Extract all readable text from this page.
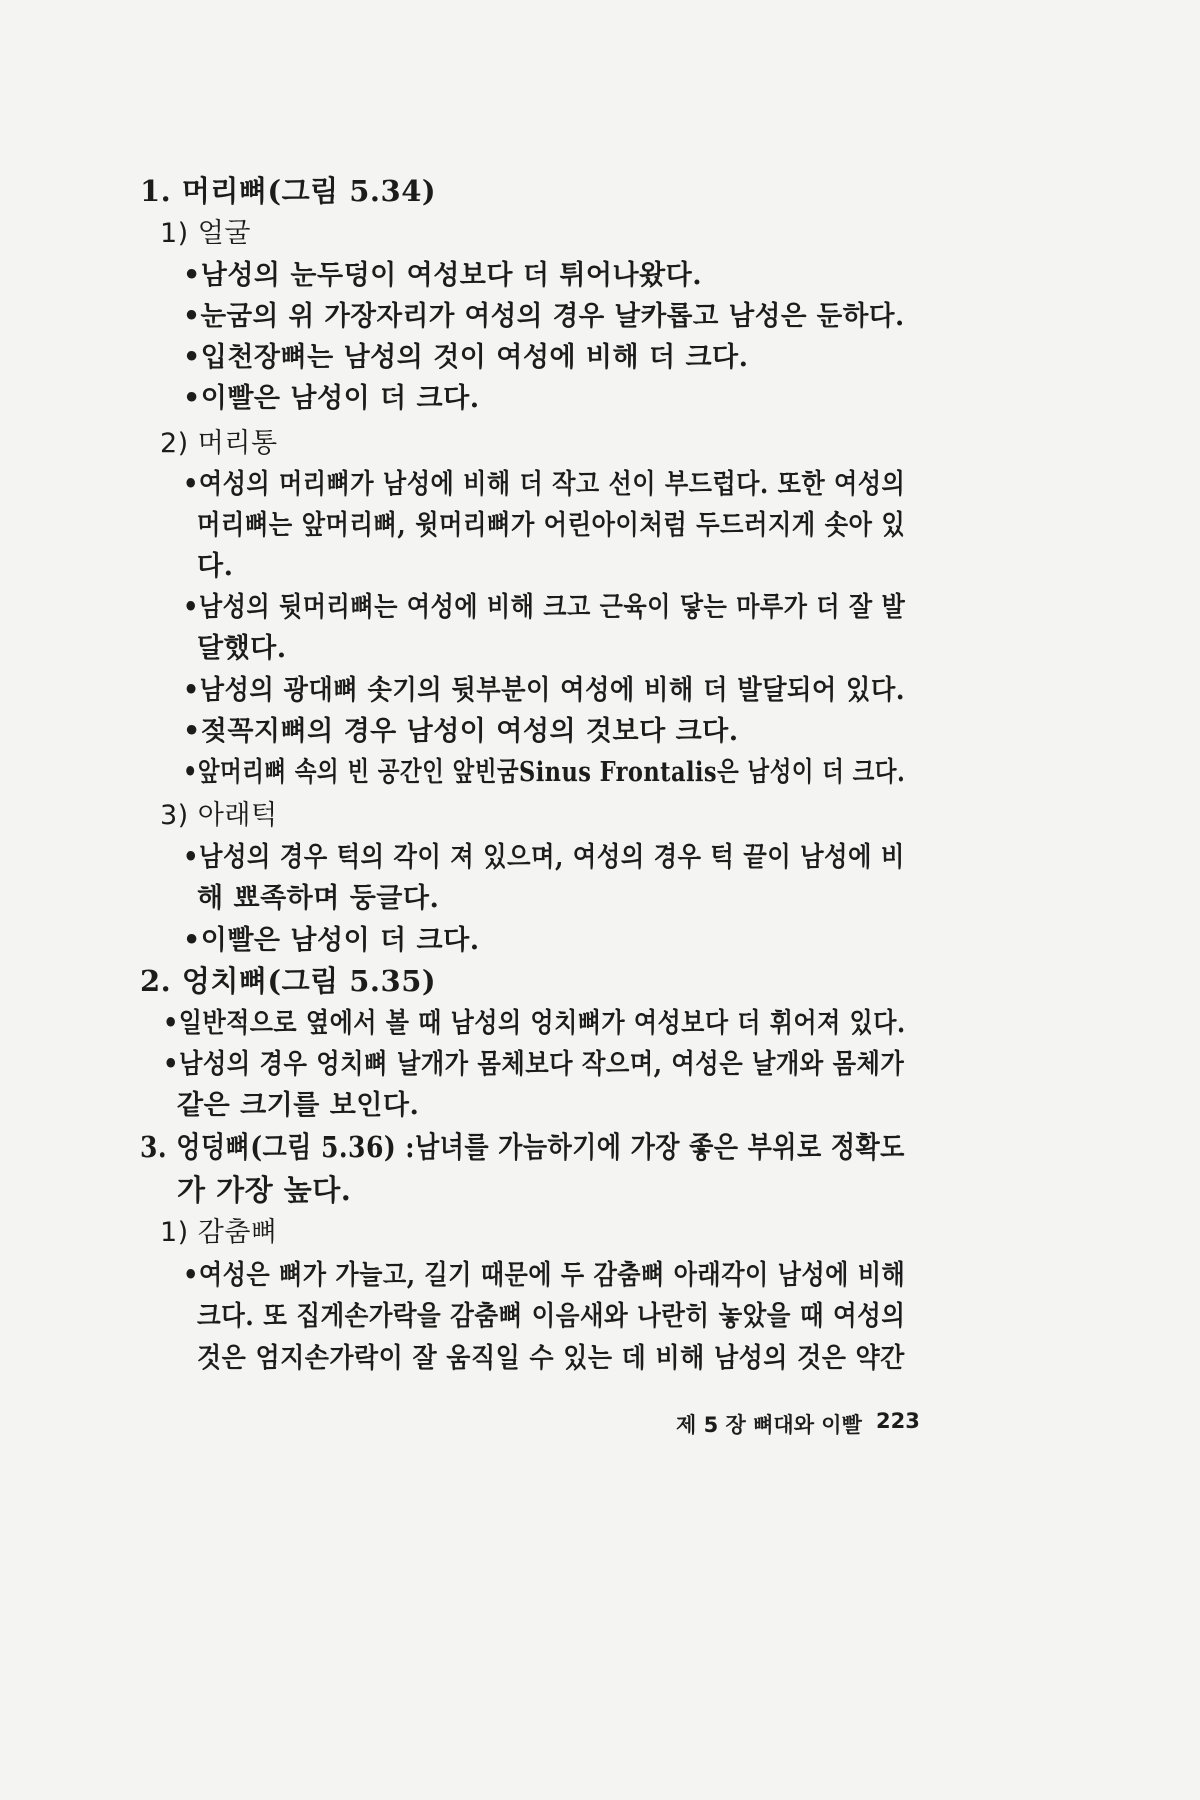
1. 머리뼈(그림 5.34)
1) 얼굴
•남성의 눈두덩이 여성보다 더 튀어나왔다.
•눈굼의 위 가장자리가 여성의 경우 날카롭고 남성은 둔하다.
•입천장뼈는 남성의 것이 여성에 비해 더 크다.
•이빨은 남성이 더 크다.
2) 머리통
•여성의 머리뼈가 남성에 비해 더 작고 선이 부드럽다. 또한 여성의
머리뼈는 앞머리뼈, 윗머리뼈가 어린아이처럼 두드러지게 솟아 있
다.
•남성의 뒷머리뼈는 여성에 비해 크고 근육이 닿는 마루가 더 잘 발
달했다.
•남성의 광대뼈 솟기의 뒷부분이 여성에 비해 더 발달되어 있다.
•젖꼭지뼈의 경우 남성이 여성의 것보다 크다.
•앞머리뼈 속의 빈 공간인 앞빈굼Sinus Frontalis은 남성이 더 크다.
3) 아래턱
•남성의 경우 턱의 각이 져 있으며, 여성의 경우 턱 끝이 남성에 비
해 뾰족하며 둥글다.
•이빨은 남성이 더 크다.
2. 엉치뼈(그림 5.35)
•일반적으로 옆에서 볼 때 남성의 엉치뼈가 여성보다 더 휘어져 있다.
•남성의 경우 엉치뼈 날개가 몸체보다 작으며, 여성은 날개와 몸체가
같은 크기를 보인다.
3. 엉덩뼈(그림 5.36) :남녀를 가늠하기에 가장 좋은 부위로 정확도
가 가장 높다.
1) 감춤뼈
•여성은 뼈가 가늘고, 길기 때문에 두 감춤뼈 아래각이 남성에 비해
크다. 또 집게손가락을 감춤뼈 이음새와 나란히 놓았을 때 여성의
것은 엄지손가락이 잘 움직일 수 있는 데 비해 남성의 것은 약간
제 5 장 뼈대와 이빨 223
